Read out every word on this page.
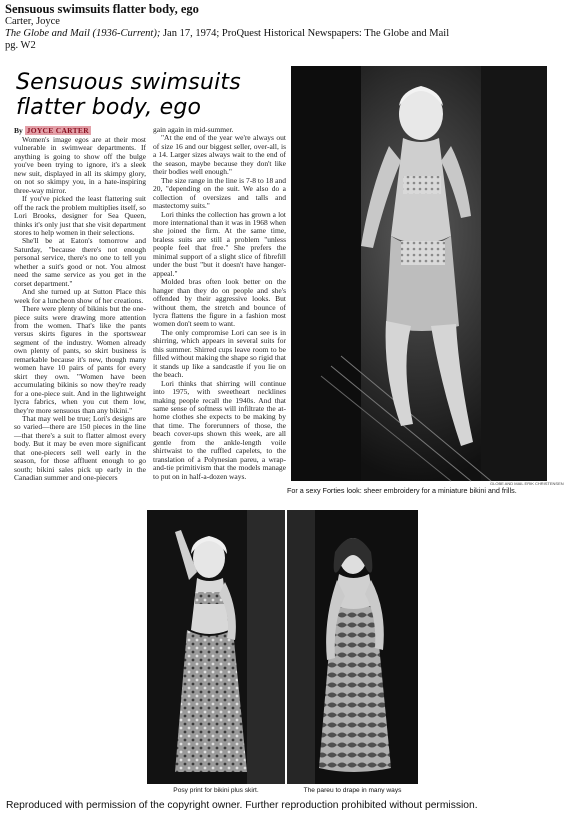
Sensuous swimsuits flatter body, ego
Carter, Joyce
The Globe and Mail (1936-Current); Jan 17, 1974; ProQuest Historical Newspapers: The Globe and Mail
pg. W2
Sensuous swimsuits flatter body, ego

By JOYCE CARTER

Women's image egos are at their most vulnerable in swimwear departments. If anything is going to show off the bulge you've been trying to ignore, it's a sleek new suit, displayed in all its skimpy glory, on not so skimpy you, in a hate-inspiring three-way mirror.

If you've picked the least flattering suit off the rack the problem multiplies itself, so Lori Brooks, designer for Sea Queen, thinks it's only just that she visit department stores to help women in their selections.

She'll be at Eaton's tomorrow and Saturday, "because there's not enough personal service, there's no one to tell you whether a suit's good or not. You almost need the same service as you get in the corset department."

And she turned up at Sutton Place this week for a luncheon show of her creations.

There were plenty of bikinis but the one-piece suits were drawing more attention from the women. That's like the pants versus skirts figures in the sportswear segment of the industry. Women already own plenty of pants, so skirt business is remarkable because it's new, though many women have 10 pairs of pants for every skirt they own. "Women have been accumulating bikinis so now they're ready for a one-piece suit. And in the lightweight lycra fabrics, when you cut them low, they're more sensuous than any bikini."

That may well be true; Lori's designs are so varied—there are 150 pieces in the line—that there's a suit to flatter almost every body. But it may be even more significant that one-piecers sell well early in the season, for those affluent enough to go south; bikini sales pick up early in the Canadian summer and one-piecers

gain again in mid-summer.

"At the end of the year we're always out of size 16 and our biggest seller, over-all, is a 14. Larger sizes always wait to the end of the season, maybe because they don't like their bodies well enough."

The size range in the line is 7-8 to 18 and 20, "depending on the suit. We also do a collection of oversizes and talls and mastectomy suits."

Lori thinks the collection has grown a lot more international than it was in 1968 when she joined the firm. At the same time, braless suits are still a problem "unless people feel that free." She prefers the minimal support of a slight slice of fibrefill under the bust "but it doesn't have hanger-appeal."

Molded bras often look better on the hanger than they do on people and she's offended by their aggressive looks. But without them, the stretch and bounce of lycra flattens the figure in a fashion most women don't seem to want.

The only compromise Lori can see is in shirring, which appears in several suits for this summer. Shirred cups leave room to be filled without making the shape so rigid that it stands up like a sandcastle if you lie on the beach.

Lori thinks that shirring will continue into 1975, with sweetheart necklines making people recall the 1940s. And that same sense of softness will infiltrate the at-home clothes she expects to be making by that time. The forerunners of those, the beach cover-ups shown this week, are all gentle from the ankle-length voile shirtwaist to the ruffled capelets, to the translation of a Polynesian pareu, a wrap-and-tie primitivism that the models manage to put on in half-a-dozen ways.

GLOBE AND MAIL ERIK CHRISTENSEN
For a sexy Forties look: sheer embroidery for a miniature bikini and frills.
Posy print for bikini plus skirt.	The pareu to drape in many ways
Reproduced with permission of the copyright owner. Further reproduction prohibited without permission.
